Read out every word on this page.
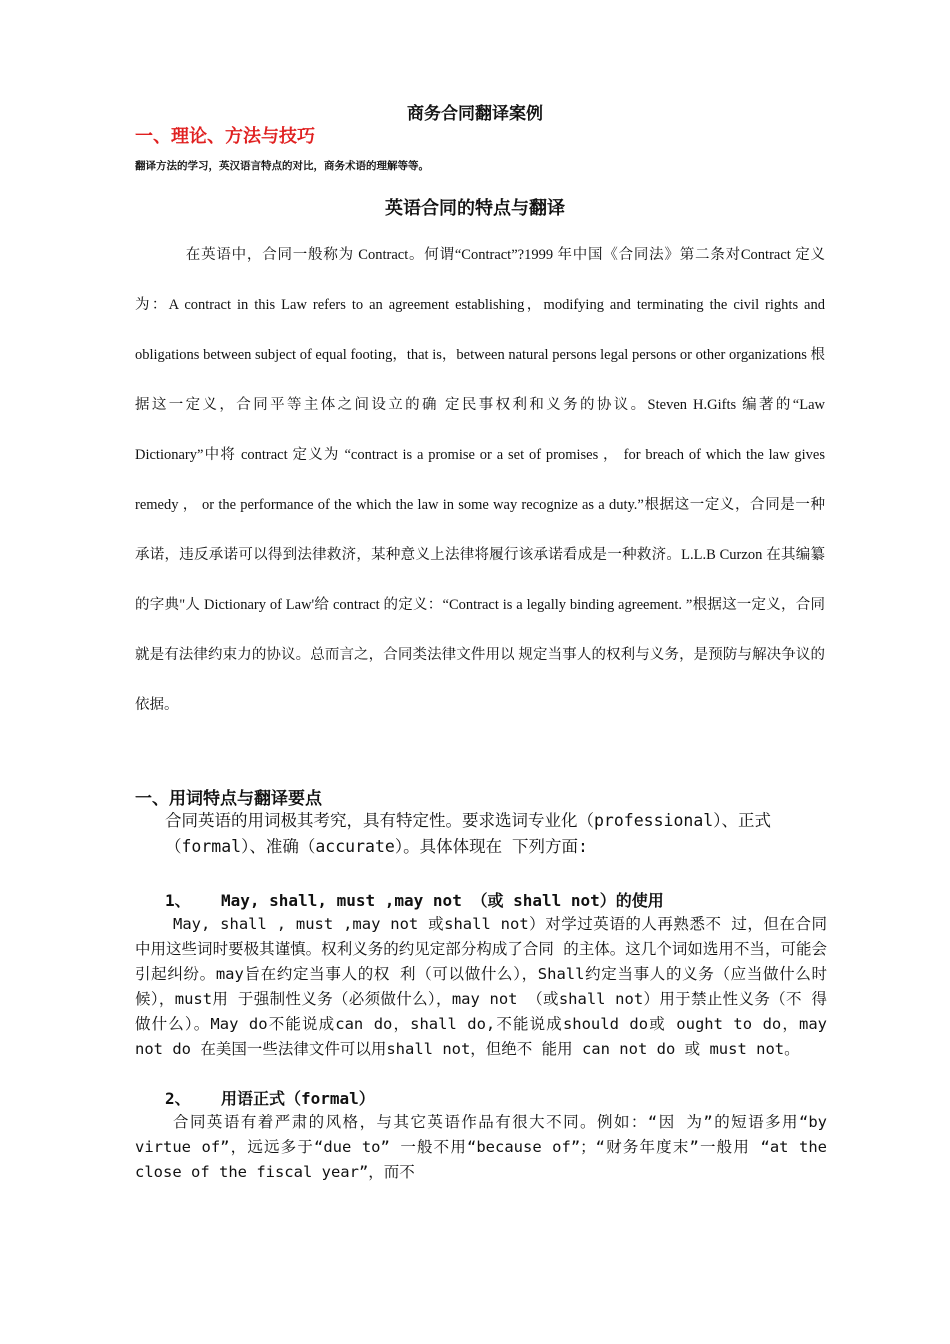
商务合同翻译案例
一、理论、方法与技巧
翻译方法的学习，英汉语言特点的对比，商务术语的理解等等。
英语合同的特点与翻译
在英语中，合同一般称为 Contract。何谓“Contract”?1999 年中国《合同法》第二条对Contract 定义为：A contract in this Law refers to an agreement establishing，modifying and terminating the civil rights and obligations between subject of equal footing，that is，between natural persons legal persons or other organizations 根 据这一定义，合同平等主体之间设立的确 定民事权利和义务的协议。Steven H.Gifts 编著的“Law Dictionary”中将 contract 定义为 “contract is a promise or a set of promises ， for breach of which the law gives remedy ， or the performance of the which the law in some way recognize as a duty.”根据这一定义，合同是一种 承诺，违反承诺可以得到法律救济，某种意义上法律将履行该承诺看成是一种救济。L.L.B Curzon 在其编纂的字典"人 Dictionary of Law'给 contract 的定义：“Contract is a legally binding agreement. ”根据这一定义，合同就是有法律约束力的协议。总而言之，合同类法律文件用以 规定当事人的权利与义务，是预防与解决争议的依据。
一、用词特点与翻译要点
合同英语的用词极其考究，具有特定性。要求选词专业化（professional）、正式（formal）、准确（accurate）。具体体现在 下列方面:
1、 May, shall, must ,may not （或 shall not）的使用
May, shall , must ,may not 或shall not）对学过英语的人再熟悉不 过，但在合同中用这些词时要极其谨慎。权利义务的约见定部分构成了合同 的主体。这几个词如选用不当，可能会引起纠纷。may旨在约定当事人的权 利（可以做什么），Shall约定当事人的义务（应当做什么时候），must用 于强制性义务（必须做什么），may not （或shall not）用于禁止性义务（不 得做什么）。May do不能说成can do，shall do,不能说成should do或 ought to do，may not do 在美国一些法律文件可以用shall not，但绝不 能用 can not do 或 must not。
2、 用语正式（formal）
合同英语有着严肃的风格，与其它英语作品有很大不同。例如：“因 为”的短语多用“by virtue of”，远远多于“due to” 一般不用“because of”；“财务年度末”一般用 “at the close of the fiscal year”，而不
